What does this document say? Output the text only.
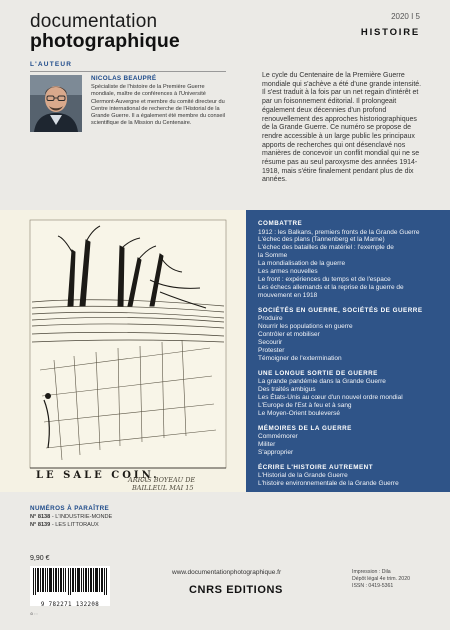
documentation
photographique
2020 I 5
HISTOIRE
L'AUTEUR
NICOLAS BEAUPRÉ
Spécialiste de l'histoire de la Première Guerre mondiale, maître de conférences à l'Université Clermont-Auvergne et membre du comité directeur du Centre international de recherche de l'Historial de la Grande Guerre. Il a également été membre du conseil scientifique de la Mission du Centenaire.
Le cycle du Centenaire de la Première Guerre mondiale qui s'achève a été d'une grande intensité. Il s'est traduit à la fois par un net regain d'intérêt et par un foisonnement éditorial. Il prolongeait également deux décennies d'un profond renouvellement des approches historiographiques de la Grande Guerre. Ce numéro se propose de rendre accessible à un large public les principaux apports de recherches qui ont désenclavé nos manières de concevoir un conflit mondial qui ne se résume pas au seul paroxysme des années 1914-1918, mais s'étire finalement pendant plus de dix années.
LE SALE COIN.
ARRAS BOYEAU DE
BAILLEUL MAI 15
COMBATTRE
1912 : les Balkans, premiers fronts de la Grande Guerre
L'échec des plans (Tannenberg et la Marne)
L'échec des batailles de matériel : l'exemple de
la Somme
La mondialisation de la guerre
Les armes nouvelles
Le front : expériences du temps et de l'espace
Les échecs allemands et la reprise de la guerre de
mouvement en 1918
SOCIÉTÉS EN GUERRE, SOCIÉTÉS DE GUERRE
Produire
Nourrir les populations en guerre
Contrôler et mobiliser
Secourir
Protester
Témoigner de l'extermination
UNE LONGUE SORTIE DE GUERRE
La grande pandémie dans la Grande Guerre
Des traités ambigus
Les États-Unis au cœur d'un nouvel ordre mondial
L'Europe de l'Est à feu et à sang
Le Moyen-Orient bouleversé
MÉMOIRES DE LA GUERRE
Commémorer
Militer
S'approprier
ÉCRIRE L'HISTOIRE AUTREMENT
L'Historial de la Grande Guerre
L'histoire environnementale de la Grande Guerre
NUMÉROS À PARAÎTRE
N° 8138 - L'INDUSTRIE-MONDE
N° 8139 - LES LITTORAUX
9,90 €
9 782271 132208
♻ ▫ ▫
www.documentationphotographique.fr
CNRS EDITIONS
Impression : Dila
Dépôt légal 4e trim. 2020
ISSN : 0419-5361
